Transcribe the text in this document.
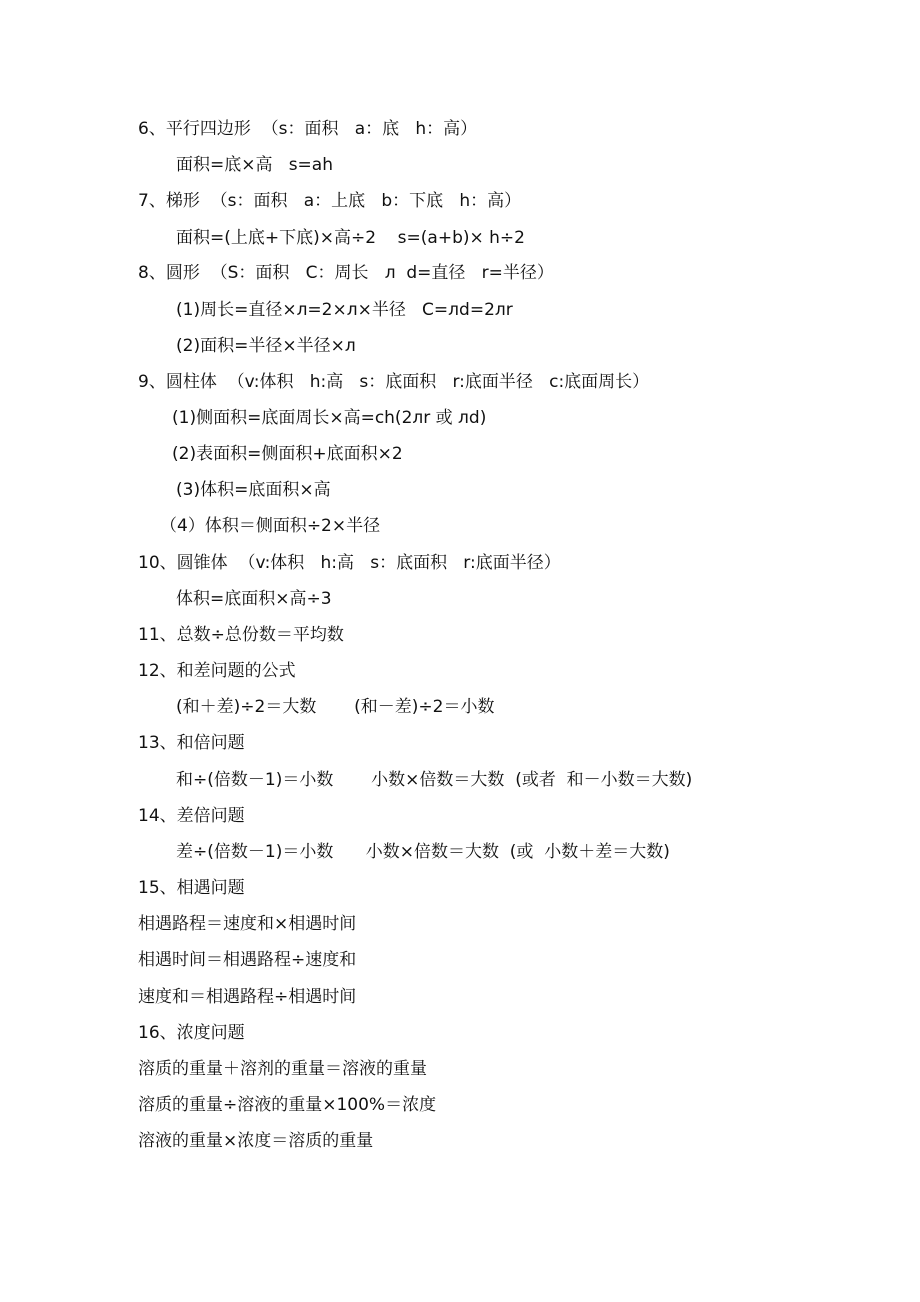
6、平行四边形  （s：面积   a：底   h：高）
面积=底×高   s=ah
7、梯形  （s：面积   a：上底   b：下底   h：高）
面积=(上底+下底)×高÷2    s=(a+b)× h÷2
8、圆形  （S：面积   C：周长   л  d=直径   r=半径）
(1)周长=直径×л=2×л×半径   C=лd=2лr
(2)面积=半径×半径×л
9、圆柱体  （v:体积   h:高   s：底面积   r:底面半径   c:底面周长）
(1)侧面积=底面周长×高=ch(2лr 或 лd)
(2)表面积=侧面积+底面积×2
(3)体积=底面积×高
（4）体积＝侧面积÷2×半径
10、圆锥体  （v:体积   h:高   s：底面积   r:底面半径）
体积=底面积×高÷3
11、总数÷总份数＝平均数
12、和差问题的公式
(和＋差)÷2＝大数       (和－差)÷2＝小数
13、和倍问题
和÷(倍数－1)＝小数       小数×倍数＝大数  (或者  和－小数＝大数)
14、差倍问题
差÷(倍数－1)＝小数      小数×倍数＝大数  (或  小数＋差＝大数)
15、相遇问题
相遇路程＝速度和×相遇时间
相遇时间＝相遇路程÷速度和
速度和＝相遇路程÷相遇时间
16、浓度问题
溶质的重量＋溶剂的重量＝溶液的重量
溶质的重量÷溶液的重量×100%＝浓度
溶液的重量×浓度＝溶质的重量
